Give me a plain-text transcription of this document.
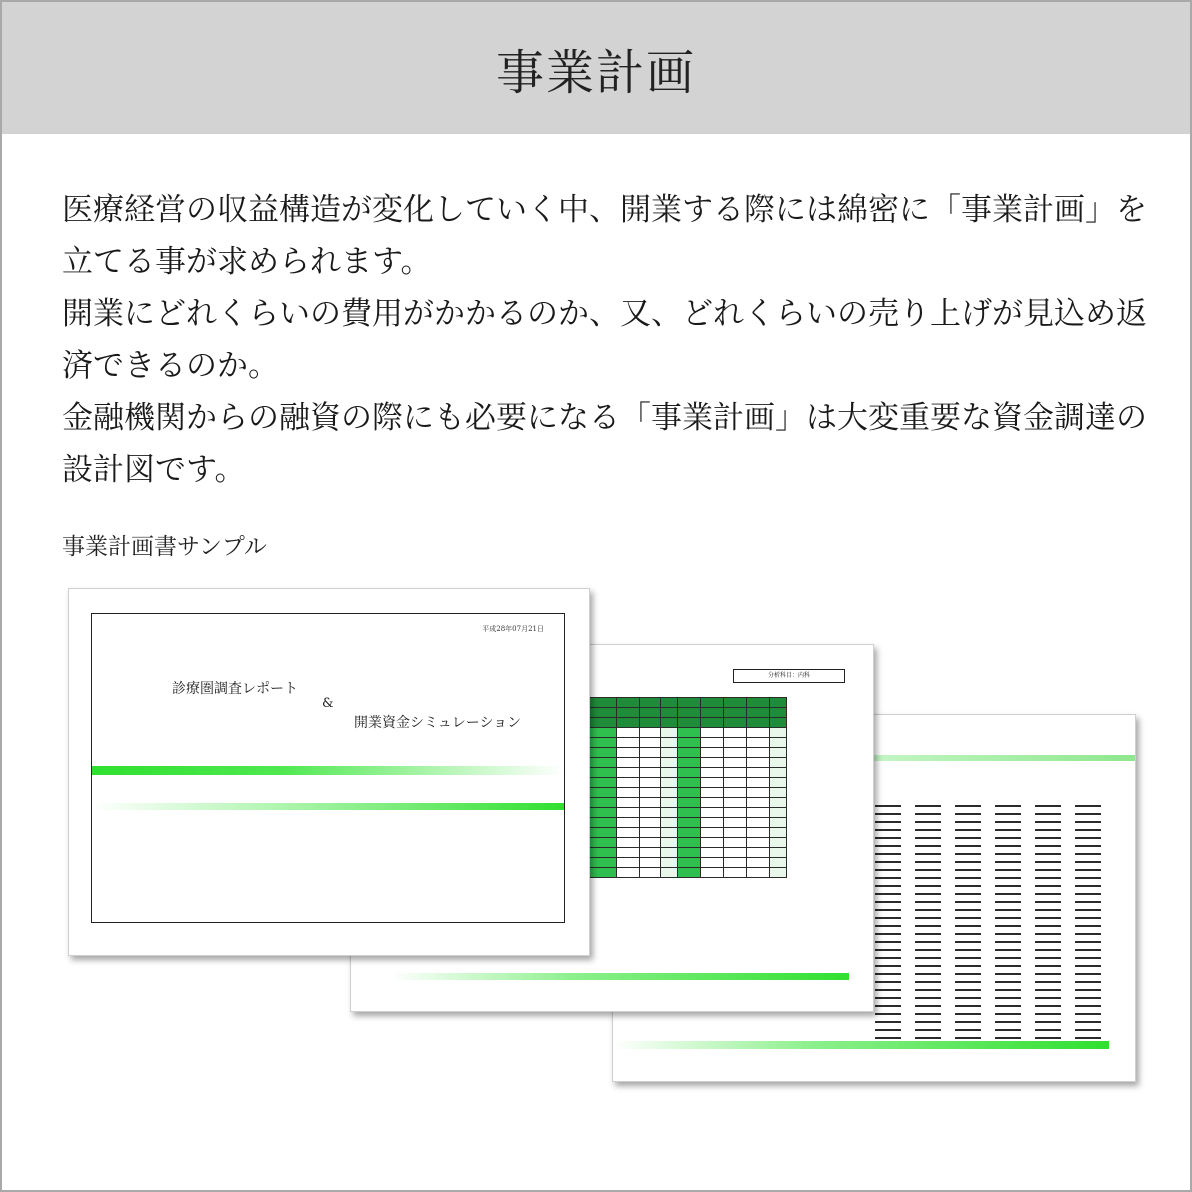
事業計画

医療経営の収益構造が変化していく中、開業する際には綿密に「事業計画」を立てる事が求められます。

開業にどれくらいの費用がかかるのか、又、どれくらいの売り上げが見込め返済できるのか。

金融機関からの融資の際にも必要になる「事業計画」は大変重要な資金調達の設計図です。

事業計画書サンプル
分析科目：内科

平成28年07月21日
診療圏調査レポート
&
開業資金シミュレーション
